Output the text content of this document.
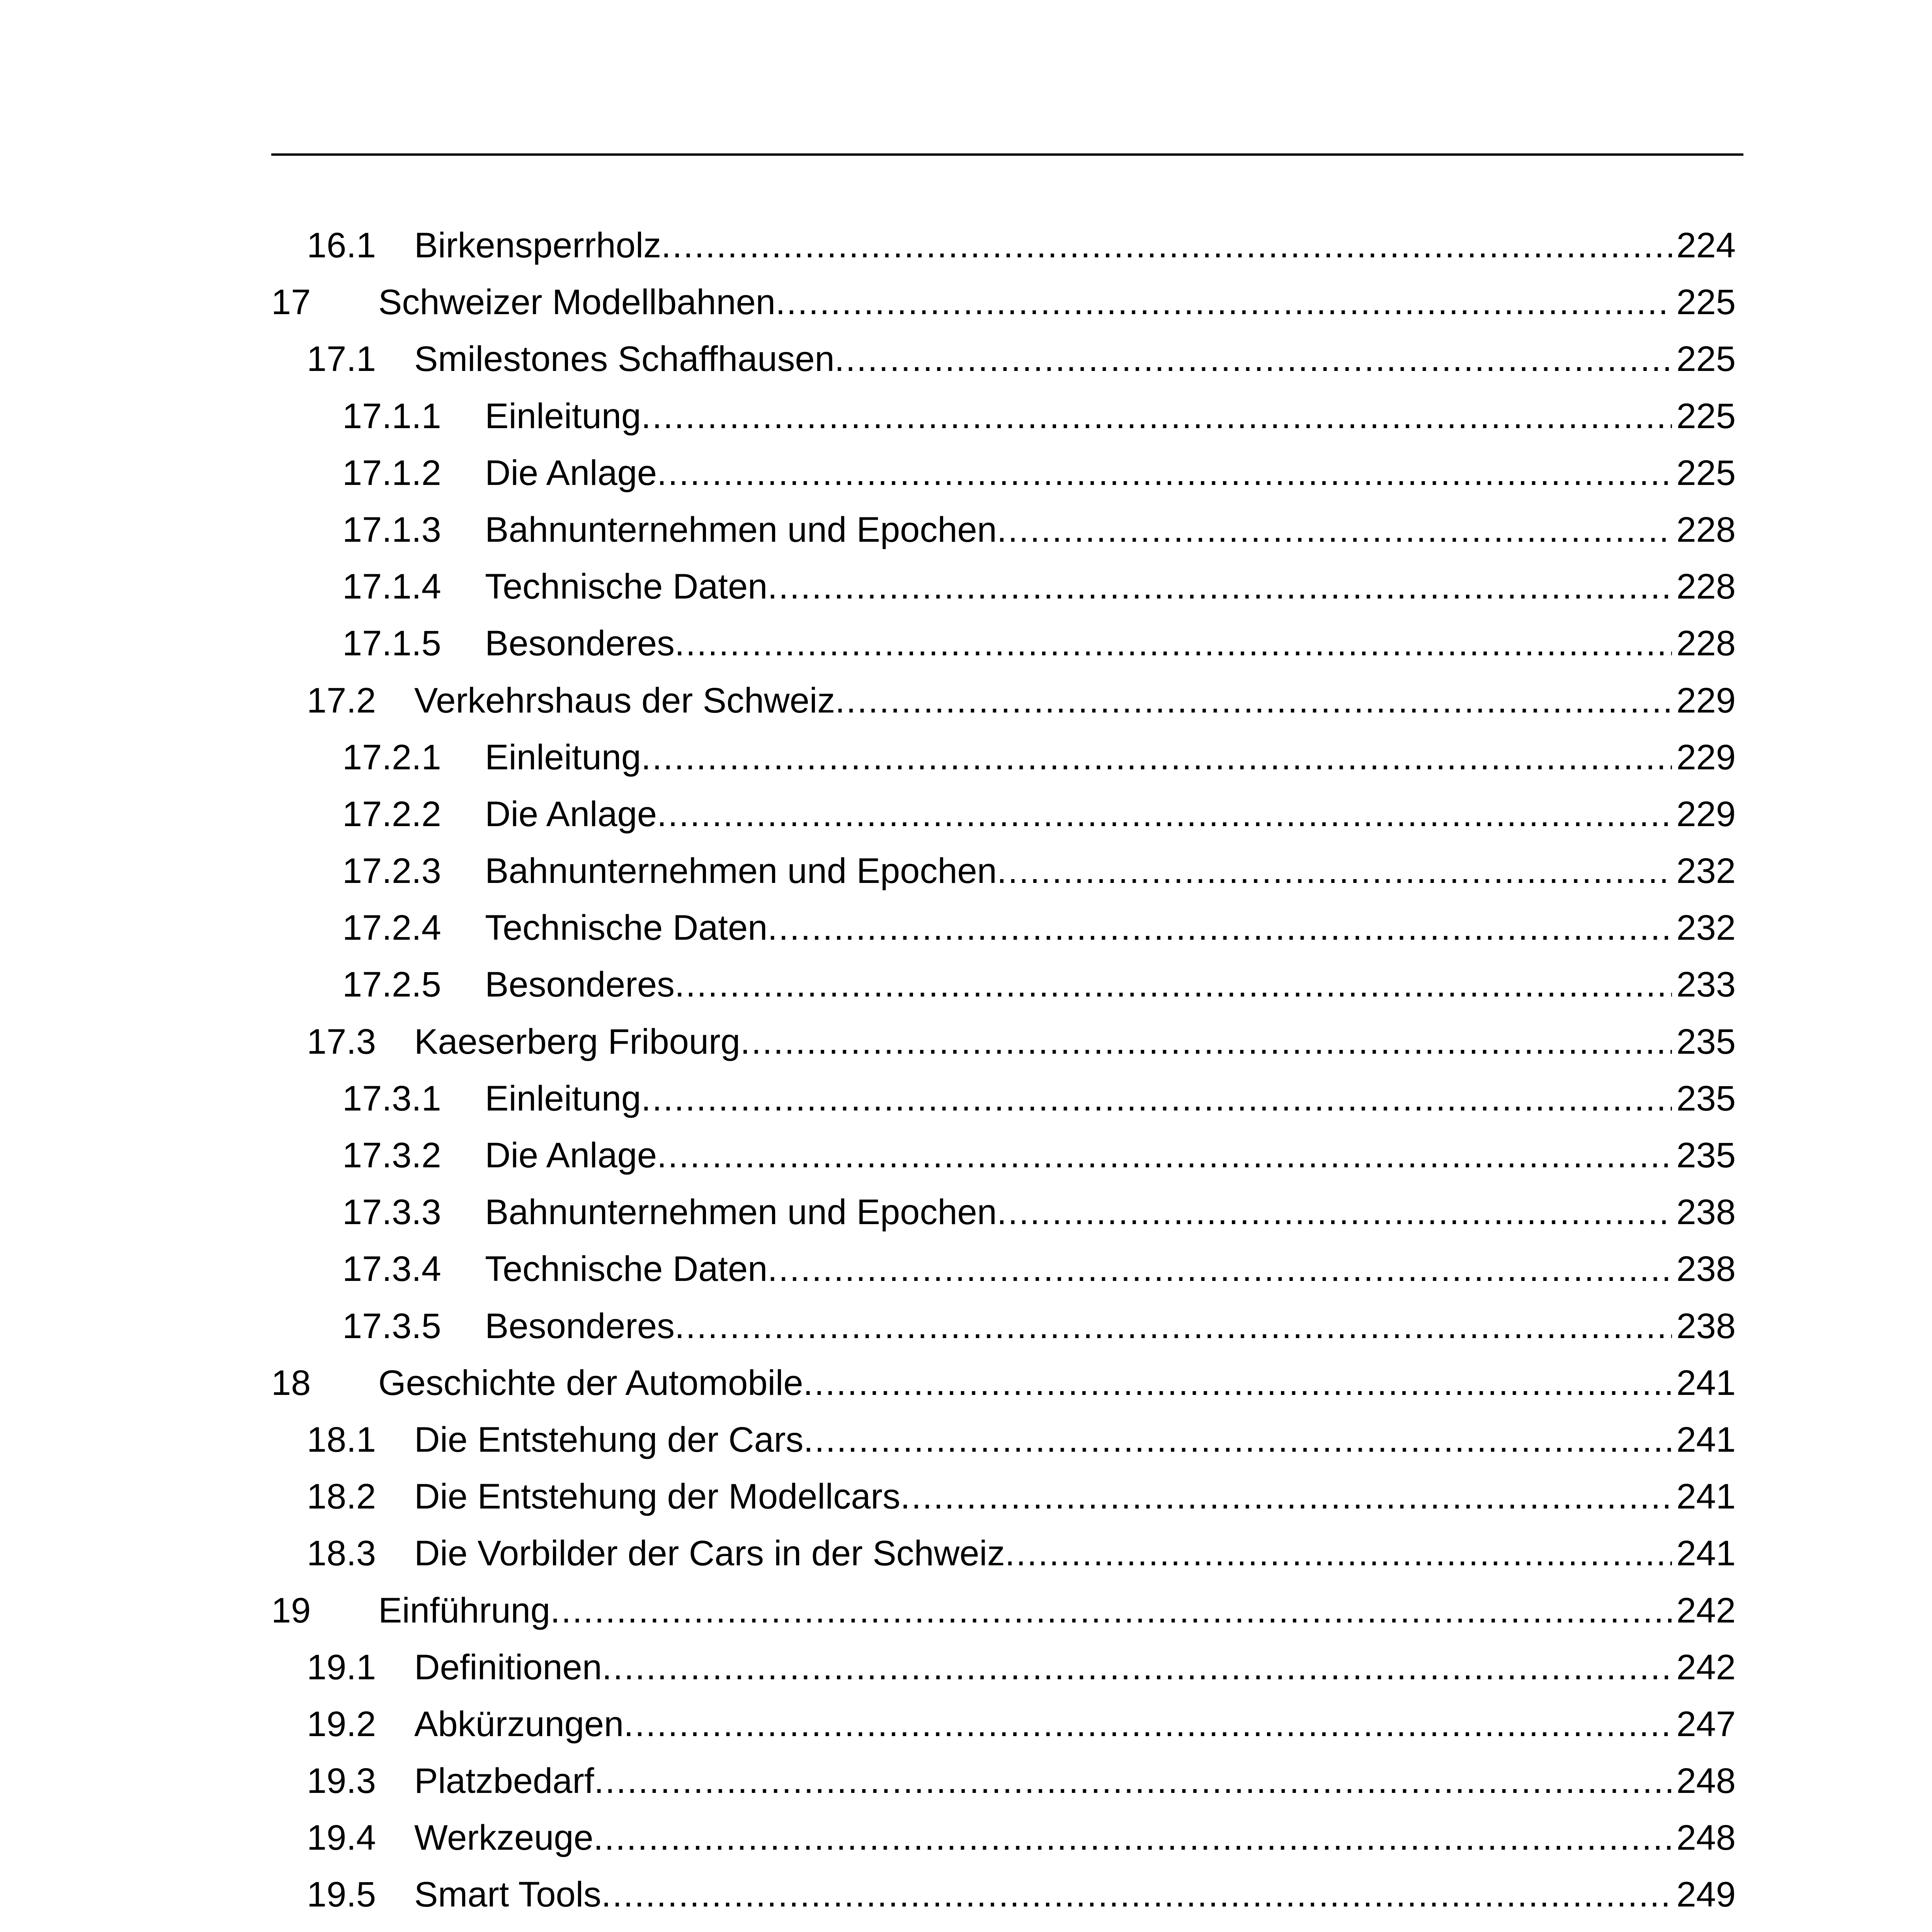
16.1 Birkensperrholz .....	224
17 Schweizer Modellbahnen .....	225
17.1 Smilestones Schaffhausen .....	225
17.1.1 Einleitung .....	225
17.1.2 Die Anlage .....	225
17.1.3 Bahnunternehmen und Epochen .....	228
17.1.4 Technische Daten .....	228
17.1.5 Besonderes .....	228
17.2 Verkehrshaus der Schweiz .....	229
17.2.1 Einleitung .....	229
17.2.2 Die Anlage .....	229
17.2.3 Bahnunternehmen und Epochen .....	232
17.2.4 Technische Daten .....	232
17.2.5 Besonderes .....	233
17.3 Kaeserberg Fribourg .....	235
17.3.1 Einleitung .....	235
17.3.2 Die Anlage .....	235
17.3.3 Bahnunternehmen und Epochen .....	238
17.3.4 Technische Daten .....	238
17.3.5 Besonderes .....	238
18 Geschichte der Automobile .....	241
18.1 Die Entstehung der Cars .....	241
18.2 Die Entstehung der Modellcars .....	241
18.3 Die Vorbilder der Cars in der Schweiz .....	241
19 Einführung .....	242
19.1 Definitionen .....	242
19.2 Abkürzungen .....	247
19.3 Platzbedarf .....	248
19.4 Werkzeuge .....	248
19.5 Smart Tools .....	249
.....
